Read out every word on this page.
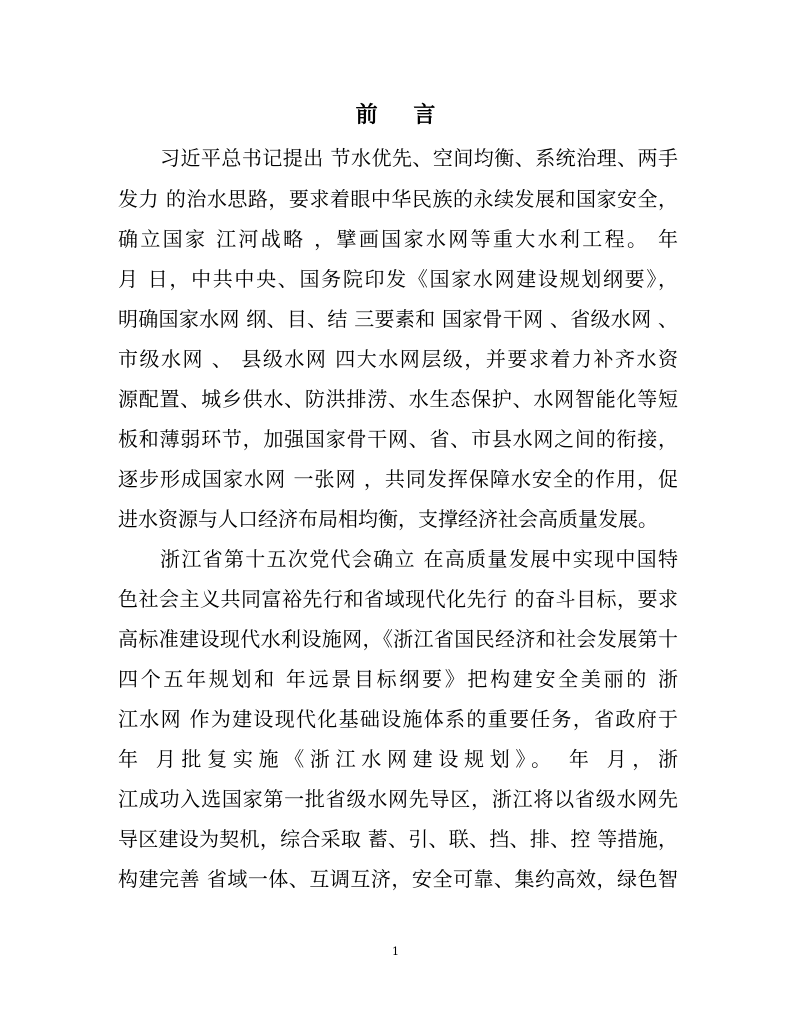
前 言
习近平总书记提出 节水优先、空间均衡、系统治理、两手
发力 的治水思路，要求着眼中华民族的永续发展和国家安全，
确立国家 江河战略 ，擘画国家水网等重大水利工程。 年
月 日，中共中央、国务院印发《国家水网建设规划纲要》，
明确国家水网 纲、目、结 三要素和 国家骨干网 、省级水网 、
市级水网 、 县级水网 四大水网层级，并要求着力补齐水资
源配置、城乡供水、防洪排涝、水生态保护、水网智能化等短
板和薄弱环节，加强国家骨干网、省、市县水网之间的衔接，
逐步形成国家水网 一张网 ，共同发挥保障水安全的作用，促
进水资源与人口经济布局相均衡，支撑经济社会高质量发展。
浙江省第十五次党代会确立 在高质量发展中实现中国特
色社会主义共同富裕先行和省域现代化先行 的奋斗目标，要求
高标准建设现代水利设施网，《浙江省国民经济和社会发展第十
四个五年规划和 年远景目标纲要》把构建安全美丽的 浙
江水网 作为建设现代化基础设施体系的重要任务，省政府于
年 月批复实施《浙江水网建设规划》。 年 月，浙
江成功入选国家第一批省级水网先导区，浙江将以省级水网先
导区建设为契机，综合采取 蓄、引、联、挡、排、控 等措施，
构建完善 省域一体、互调互济，安全可靠、集约高效，绿色智
1
